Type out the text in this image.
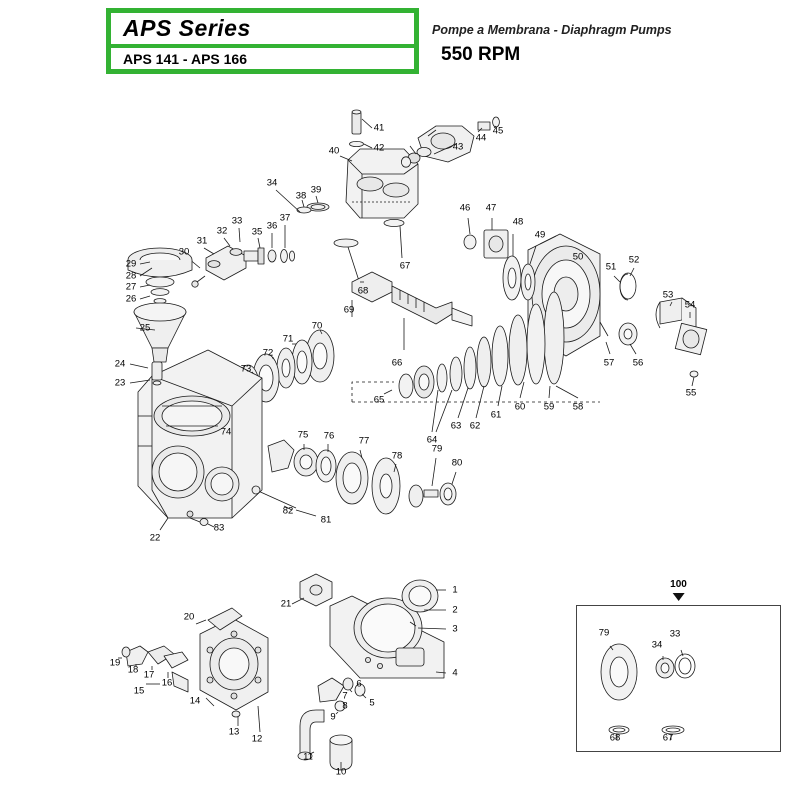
APS Series
APS 141 - APS 166
Pompe a Membrana - Diaphragm Pumps
550 RPM
1
2
3
4
5
6
7
8
9
10
11
12
13
14
15
16
17
18
19
20
21
22
23
24
25
26
27
28
29
30
31
32
33
34
35
36
37
38
39
40
41
42	43
44
45
46 47
48
49
50
51
52
53
54
55
56
57
58
59
60
61
62
63
64
65
66
67
68
69
70
71
72
73
74	75 76	77
78
79
80
81
82
83
100
79
34
33
68	67
